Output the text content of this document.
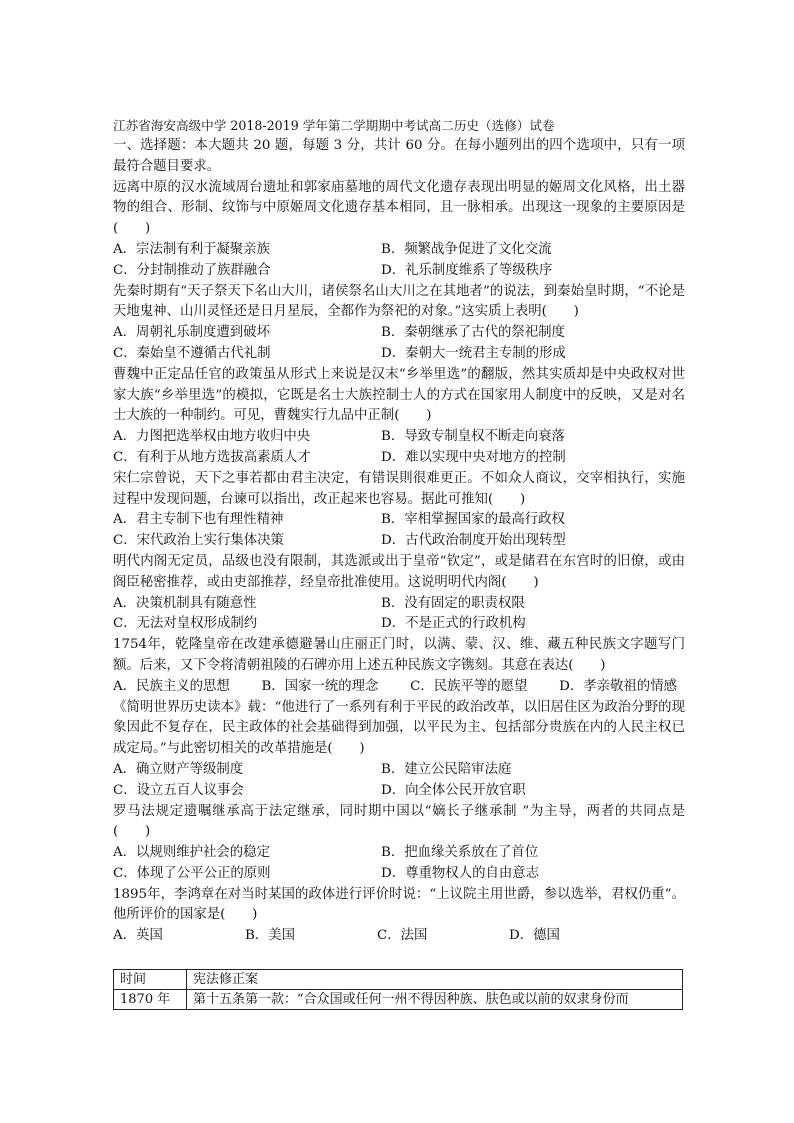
江苏省海安高级中学 2018-2019 学年第二学期期中考试高二历史（选修）试卷

一、选择题：本大题共 20 题，每题 3 分，共计 60 分。在每小题列出的四个选项中，只有一项最符合题目要求。

远离中原的汉水流域周台遗址和郭家庙墓地的周代文化遗存表现出明显的姬周文化风格，出土器物的组合、形制、纹饰与中原姬周文化遗存基本相同，且一脉相承。出现这一现象的主要原因是(　　)

A．宗法制有利于凝聚亲族	B．频繁战争促进了文化交流
C．分封制推动了族群融合	D．礼乐制度维系了等级秩序

先秦时期有“天子祭天下名山大川，诸侯祭名山大川之在其地者”的说法，到秦始皇时期，“不论是天地鬼神、山川灵怪还是日月星辰，全都作为祭祀的对象。”这实质上表明(　　)

A．周朝礼乐制度遭到破坏	B．秦朝继承了古代的祭祀制度
C．秦始皇不遵循古代礼制	D．秦朝大一统君主专制的形成

曹魏中正定品任官的政策虽从形式上来说是汉末“乡举里选”的翻版，然其实质却是中央政权对世家大族“乡举里选”的模拟，它既是名士大族控制士人的方式在国家用人制度中的反映，又是对名士大族的一种制约。可见，曹魏实行九品中正制(　　)

A．力图把选举权由地方收归中央	B．导致专制皇权不断走向衰落
C．有利于从地方选拔高素质人才	D．难以实现中央对地方的控制

宋仁宗曾说，天下之事若都由君主决定，有错误則很难更正。不如众人商议，交宰相执行，实施过程中发现问题，台谏可以指出，改正起来也容易。据此可推知(　　)

A．君主专制下也有理性精神	B．宰相掌握国家的最高行政权
C．宋代政治上实行集体决策	D．古代政治制度开始出现转型

明代内阁无定员，品级也没有限制，其选派或出于皇帝“钦定”，或是储君在东宫时的旧僚，或由阁臣秘密推荐，或由吏部推荐，经皇帝批准使用。这说明明代内阁(　　)

A．决策机制具有随意性	B．没有固定的职责权限
C．无法对皇权形成制约	D．不是正式的行政机构

1754年，乾隆皇帝在改建承德避暑山庄丽正门时，以满、蒙、汉、维、藏五种民族文字题写门额。后来，又下令将清朝祖陵的石碑亦用上述五种民族文字镌刻。其意在表达(　　)

A．民族主义的思想 B．国家一统的理念 C．民族平等的愿望 D．孝亲敬祖的情感

《简明世界历史读本》载：“他进行了一系列有利于平民的政治改革，以旧居住区为政治分野的现象因此不复存在，民主政体的社会基础得到加强，以平民为主、包括部分贵族在内的人民主权已成定局。”与此密切相关的改革措施是(　　)

A．确立财产等级制度	B．建立公民陪审法庭
C．设立五百人议事会	D．向全体公民开放官职

罗马法规定遗嘱继承高于法定继承，同时期中国以“嫡长子继承制 ”为主导，两者的共同点是(　　)

A．以规则维护社会的稳定	B．把血缘关系放在了首位
C．体现了公平公正的原则	D．尊重物权人的自由意志

1895年，李鸿章在对当时某国的政体进行评价时说：“上议院主用世爵，参以选举，君权仍重”。他所评价的国家是(　　)

A．英国	B．美国	C．法国	D．德国
时间	宪法修正案
1870 年	第十五条第一款：“合众国或任何一州不得因种族、肤色或以前的奴隶身份而
